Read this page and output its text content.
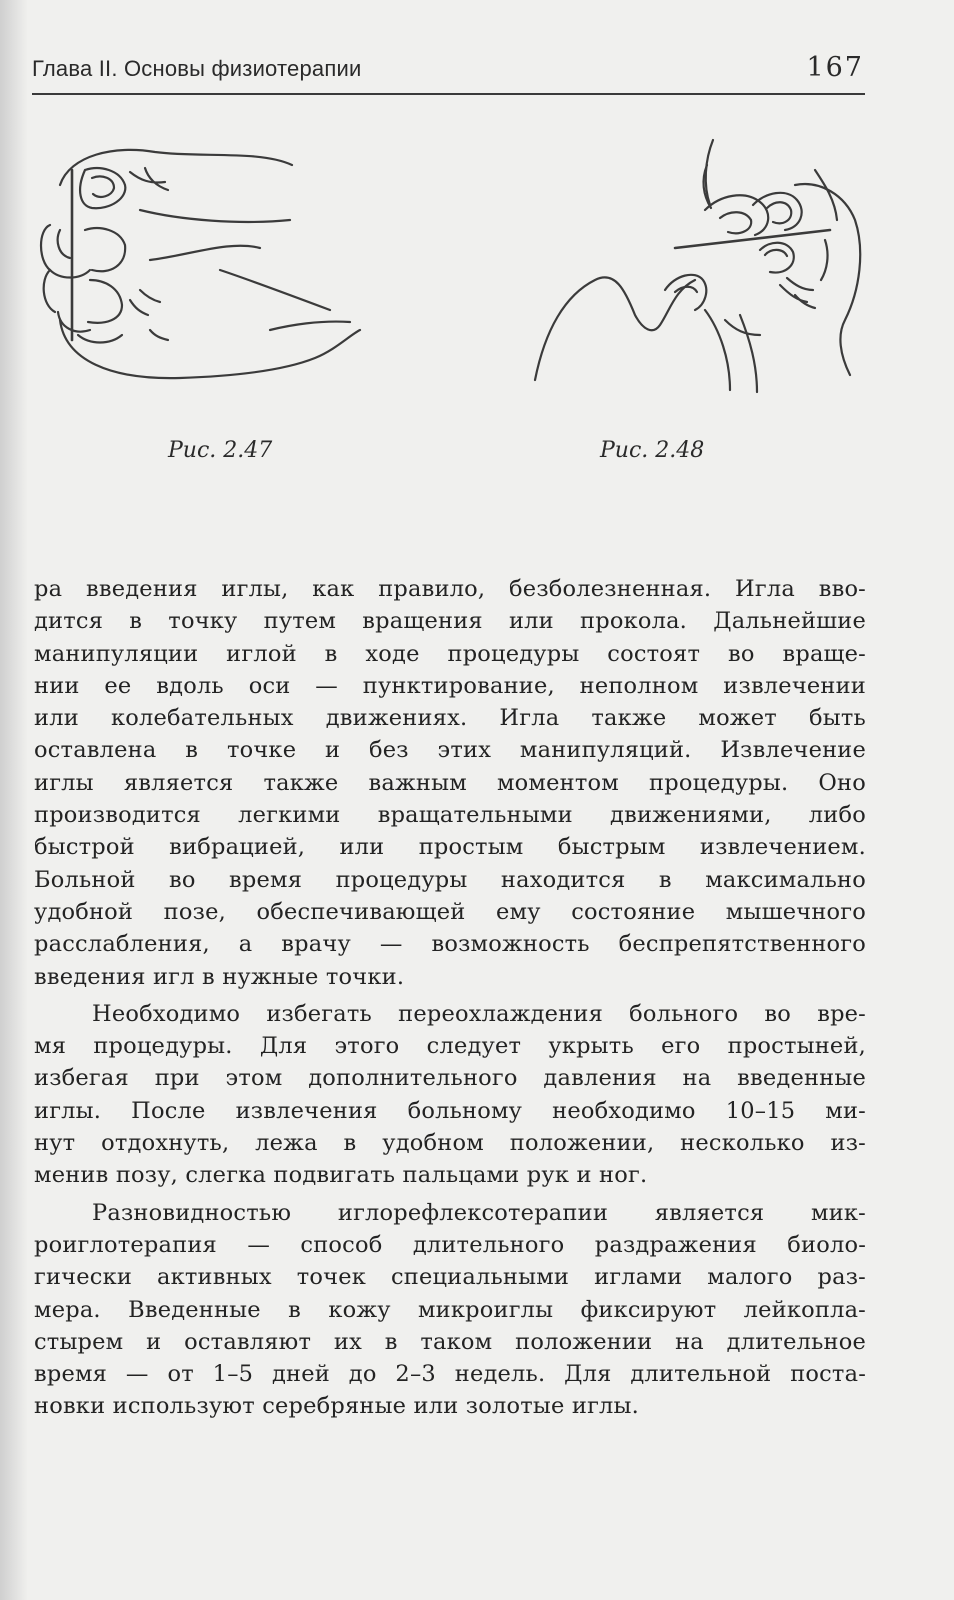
Глава II. Основы физиотерапии	167
Рис. 2.47	Рис. 2.48
ра введения иглы, как правило, безболезненная. Игла вво-
дится в точку путем вращения или прокола. Дальнейшие
манипуляции иглой в ходе процедуры состоят во враще-
нии ее вдоль оси — пунктирование, неполном извлечении
или колебательных движениях. Игла также может быть
оставлена в точке и без этих манипуляций. Извлечение
иглы является также важным моментом процедуры. Оно
производится легкими вращательными движениями, либо
быстрой вибрацией, или простым быстрым извлечением.
Больной во время процедуры находится в максимально
удобной позе, обеспечивающей ему состояние мышечного
расслабления, а врачу — возможность беспрепятственного
введения игл в нужные точки.
Необходимо избегать переохлаждения больного во вре-
мя процедуры. Для этого следует укрыть его простыней,
избегая при этом дополнительного давления на введенные
иглы. После извлечения больному необходимо 10–15 ми-
нут отдохнуть, лежа в удобном положении, несколько из-
менив позу, слегка подвигать пальцами рук и ног.
Разновидностью иглорефлексотерапии является мик-
роиглотерапия — способ длительного раздражения биоло-
гически активных точек специальными иглами малого раз-
мера. Введенные в кожу микроиглы фиксируют лейкопла-
стырем и оставляют их в таком положении на длительное
время — от 1–5 дней до 2–3 недель. Для длительной поста-
новки используют серебряные или золотые иглы.
